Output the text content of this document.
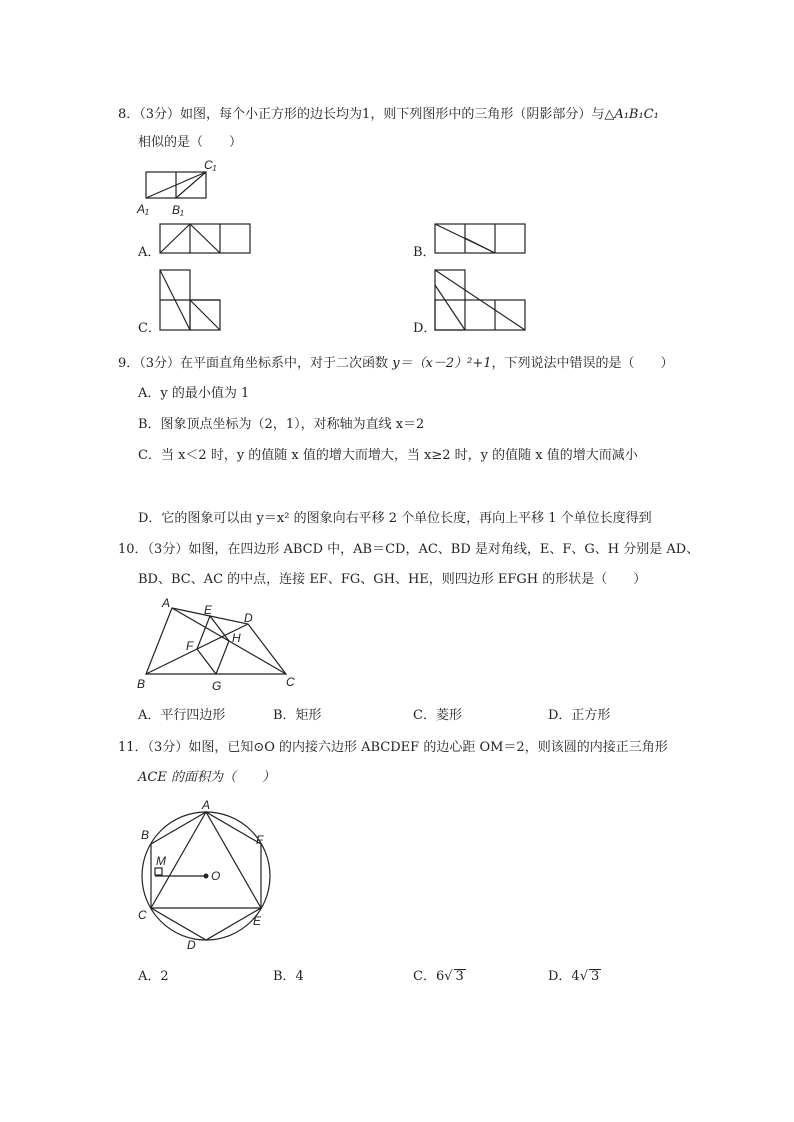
8．（3分）如图，每个小正方形的边长均为1，则下列图形中的三角形（阴影部分）与△A₁B₁C₁
相似的是（　　）
C₁
A₁ B₁
A．	B．
C．	D．
9．（3分）在平面直角坐标系中，对于二次函数 y＝（x－2）²+1，下列说法中错误的是（　　）
A．y 的最小值为 1
B．图象顶点坐标为（2，1），对称轴为直线 x＝2
C．当 x＜2 时，y 的值随 x 值的增大而增大，当 x≥2 时，y 的值随 x 值的增大而减小
D．它的图象可以由 y＝x² 的图象向右平移 2 个单位长度，再向上平移 1 个单位长度得到
10．（3分）如图，在四边形 ABCD 中，AB＝CD，AC、BD 是对角线，E、F、G、H 分别是 AD、
BD、BC、AC 的中点，连接 EF、FG、GH、HE，则四边形 EFGH 的形状是（　　）
A	E
D
H
F
B	G	C
A．平行四边形	B．矩形	C．菱形	D．正方形
11．（3分）如图，已知⊙O 的内接六边形 ABCDEF 的边心距 OM＝2，则该圆的内接正三角形
ACE 的面积为（　　）
A
B	F
M
O
C	E
D
A．2	B．4	C．6√ 3	D．4√ 3
